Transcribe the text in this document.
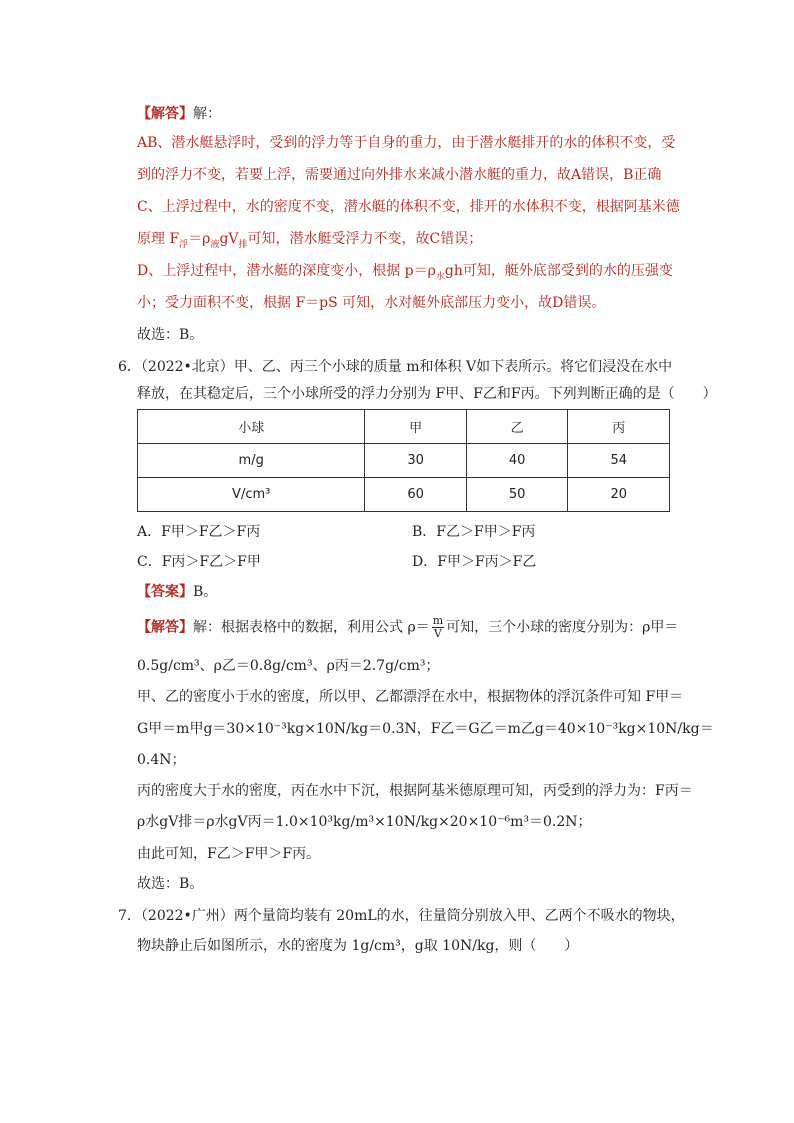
【解答】解：
AB、潜水艇悬浮时，受到的浮力等于自身的重力，由于潜水艇排开的水的体积不变，受
到的浮力不变，若要上浮，需要通过向外排水来减小潜水艇的重力，故A错误，B正确
C、上浮过程中，水的密度不变，潜水艇的体积不变，排开的水体积不变，根据阿基米德
原理 $F_浮=\rho_液gV_排$可知，潜水艇受浮力不变，故C错误；
D、上浮过程中，潜水艇的深度变小，根据 $p=\rho_水gh$可知，艇外底部受到的水的压强变
小；受力面积不变，根据 F＝pS 可知，水对艇外底部压力变小，故D错误。
故选：B。
6．（2022•北京）甲、乙、丙三个小球的质量 m和体积 V如下表所示。将它们浸没在水中
释放，在其稳定后，三个小球所受的浮力分别为 F甲、F乙和F丙。下列判断正确的是（　　）
小球	甲	乙	丙
m/g	30	40	54
V/cm³	60	50	20
A．F甲＞F乙＞F丙	B．F乙＞F甲＞F丙
C．F丙＞F乙＞F甲	D．F甲＞F丙＞F乙
【答案】B。
【解答】解：根据表格中的数据，利用公式 $\rho= \frac{m}{V}$ 可知，三个小球的密度分别为：ρ甲＝
0.5g/cm³、ρ乙＝0.8g/cm³、ρ丙＝2.7g/cm³；
甲、乙的密度小于水的密度，所以甲、乙都漂浮在水中，根据物体的浮沉条件可知 F甲＝
G甲＝m甲g＝30×10⁻³kg×10N/kg＝0.3N，F乙＝G乙＝m乙g＝40×10⁻³kg×10N/kg＝
0.4N；
丙的密度大于水的密度，丙在水中下沉，根据阿基米德原理可知，丙受到的浮力为：F丙＝
ρ水gV排＝ρ水gV丙＝1.0×10³kg/m³×10N/kg×20×10⁻⁶m³＝0.2N；
由此可知，F乙＞F甲＞F丙。
故选：B。
7．（2022•广州）两个量筒均装有 20mL的水，往量筒分别放入甲、乙两个不吸水的物块，
物块静止后如图所示，水的密度为 1g/cm³，g取 10N/kg，则（　　）
